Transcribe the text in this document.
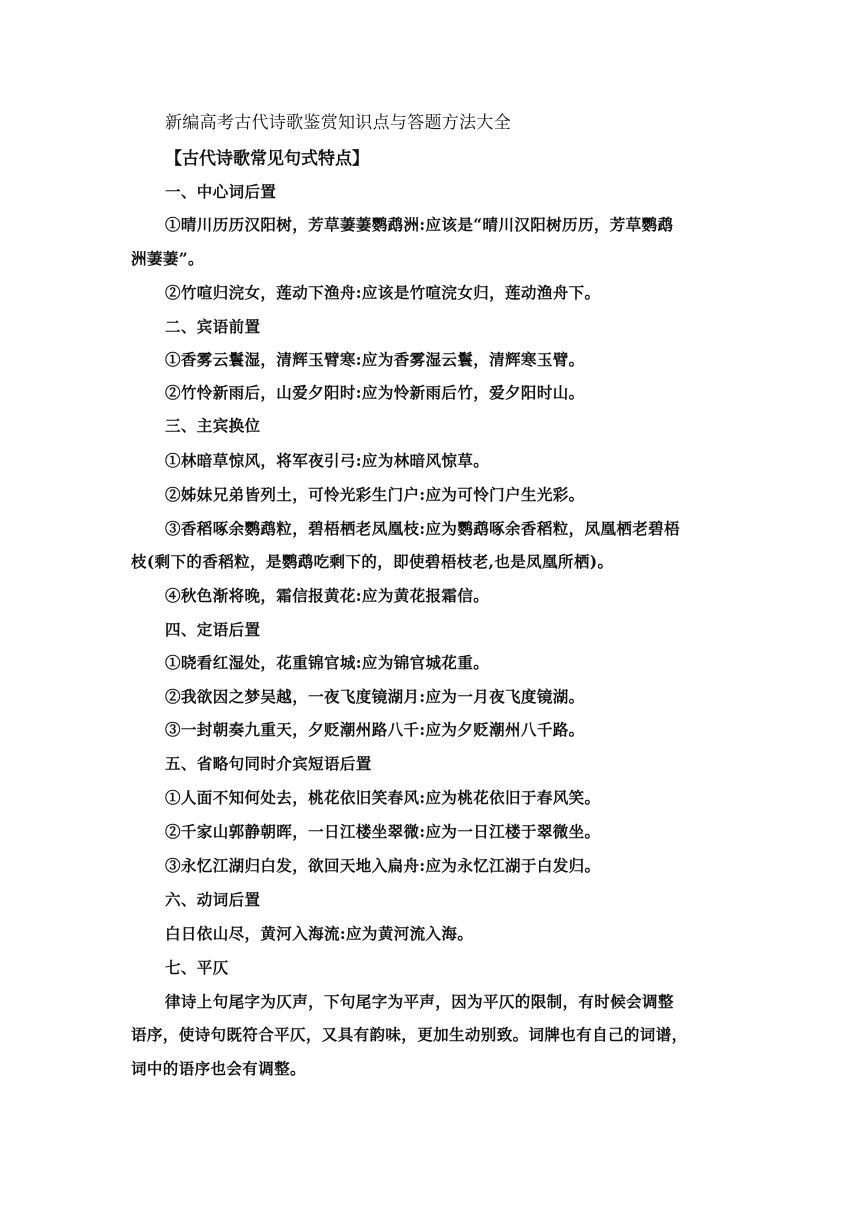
新编高考古代诗歌鉴赏知识点与答题方法大全
【古代诗歌常见句式特点】
一、中心词后置
①晴川历历汉阳树，芳草萋萋鹦鹉洲:应该是“晴川汉阳树历历，芳草鹦鹉
洲萋萋”。
②竹喧归浣女，莲动下渔舟:应该是竹喧浣女归，莲动渔舟下。
二、宾语前置
①香雾云鬟湿，清辉玉臂寒:应为香雾湿云鬟，清辉寒玉臂。
②竹怜新雨后，山爱夕阳时:应为怜新雨后竹，爱夕阳时山。
三、主宾换位
①林暗草惊风，将军夜引弓:应为林暗风惊草。
②姊妹兄弟皆列土，可怜光彩生门户:应为可怜门户生光彩。
③香稻啄余鹦鹉粒，碧梧栖老凤凰枝:应为鹦鹉啄余香稻粒，凤凰栖老碧梧
枝(剩下的香稻粒，是鹦鹉吃剩下的，即使碧梧枝老,也是凤凰所栖)。
④秋色渐将晚，霜信报黄花:应为黄花报霜信。
四、定语后置
①晓看红湿处，花重锦官城:应为锦官城花重。
②我欲因之梦吴越，一夜飞度镜湖月:应为一月夜飞度镜湖。
③一封朝奏九重天，夕贬潮州路八千:应为夕贬潮州八千路。
五、省略句同时介宾短语后置
①人面不知何处去，桃花依旧笑春风:应为桃花依旧于春风笑。
②千家山郭静朝晖，一日江楼坐翠微:应为一日江楼于翠微坐。
③永忆江湖归白发，欲回天地入扁舟:应为永忆江湖于白发归。
六、动词后置
白日依山尽，黄河入海流:应为黄河流入海。
七、平仄
律诗上句尾字为仄声，下句尾字为平声，因为平仄的限制，有时候会调整
语序，使诗句既符合平仄，又具有韵味，更加生动别致。词牌也有自己的词谱，
词中的语序也会有调整。
